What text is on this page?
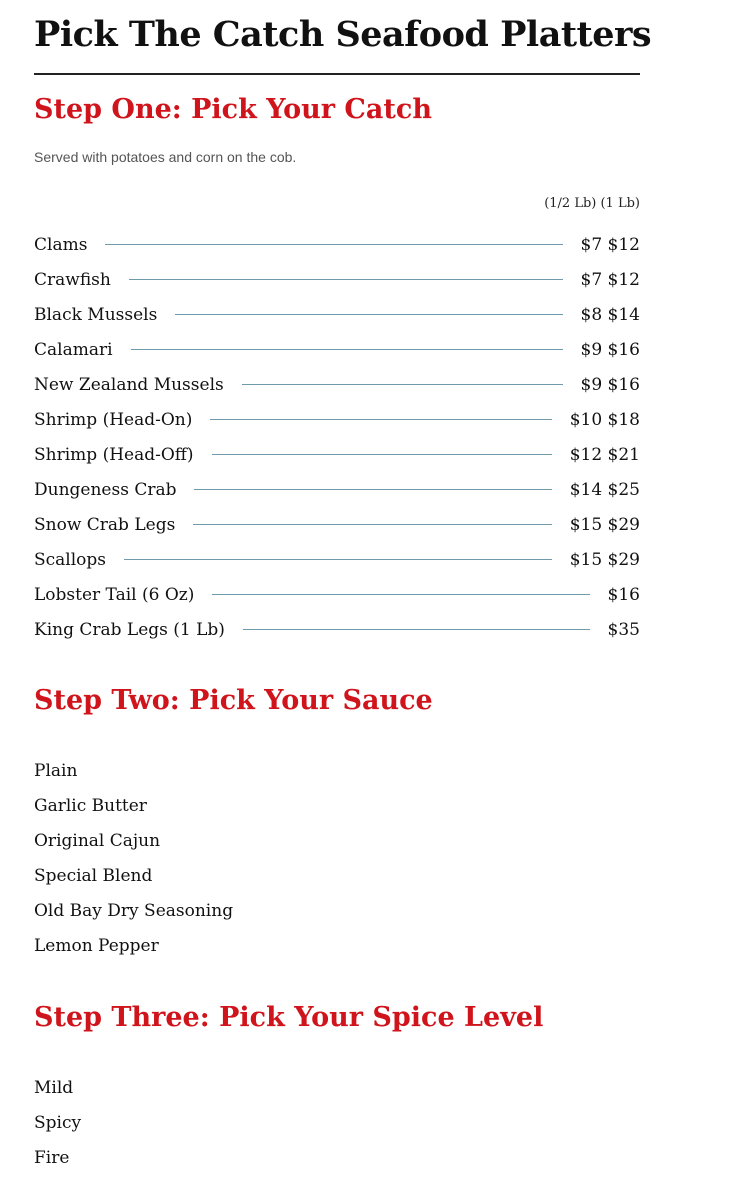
Pick The Catch Seafood Platters
Step One: Pick Your Catch
Served with potatoes and corn on the cob.
(1/2 Lb) (1 Lb)
Clams	$7 $12
Crawfish	$7 $12
Black Mussels	$8 $14
Calamari	$9 $16
New Zealand Mussels	$9 $16
Shrimp (Head-On)	$10 $18
Shrimp (Head-Off)	$12 $21
Dungeness Crab	$14 $25
Snow Crab Legs	$15 $29
Scallops	$15 $29
Lobster Tail (6 Oz)	$16
King Crab Legs (1 Lb)	$35
Step Two: Pick Your Sauce
Plain
Garlic Butter
Original Cajun
Special Blend
Old Bay Dry Seasoning
Lemon Pepper
Step Three: Pick Your Spice Level
Mild
Spicy
Fire
